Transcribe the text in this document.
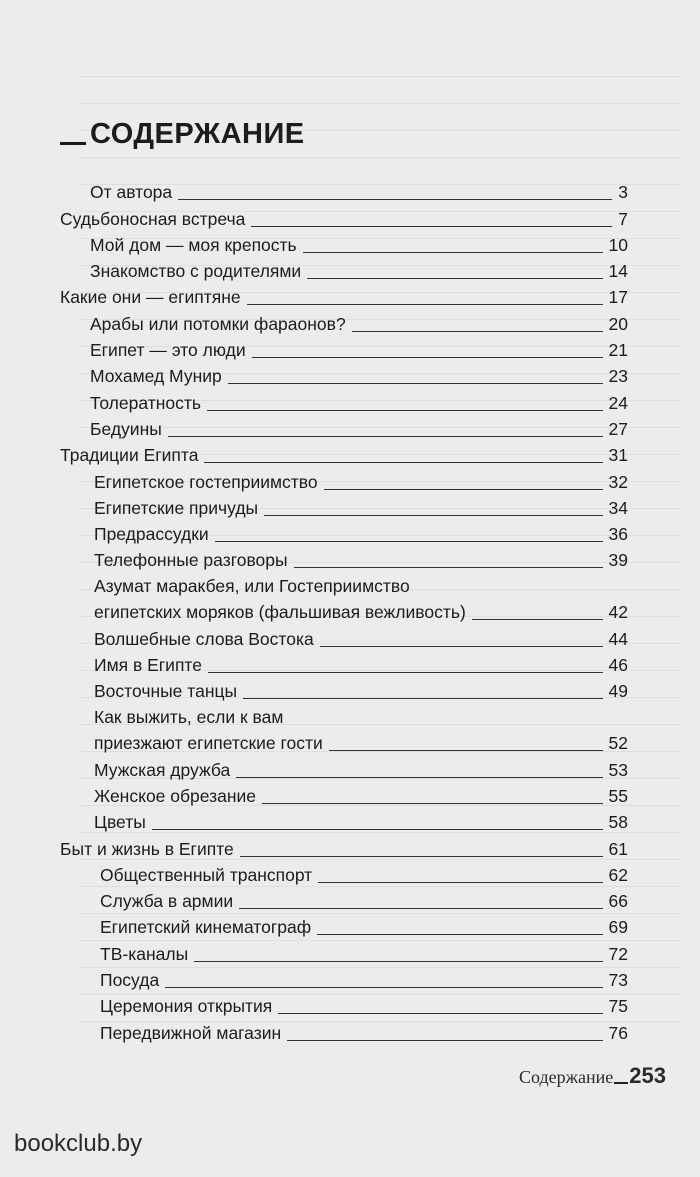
СОДЕРЖАНИЕ
От автора	3
Судьбоносная встреча	7
Мой дом — моя крепость	10
Знакомство с родителями	14
Какие они — египтяне	17
Арабы или потомки фараонов?	20
Египет — это люди	21
Мохамед Мунир	23
Толератность	24
Бедуины	27
Традиции Египта	31
Египетское гостеприимство	32
Египетские причуды	34
Предрассудки	36
Телефонные разговоры	39
Азумат маракбея, или Гостеприимство
египетских моряков (фальшивая вежливость)	42
Волшебные слова Востока	44
Имя в Египте	46
Восточные танцы	49
Как выжить, если к вам
приезжают египетские гости	52
Мужская дружба	53
Женское обрезание	55
Цветы	58
Быт и жизнь в Египте	61
Общественный транспорт	62
Служба в армии	66
Египетский кинематограф	69
ТВ-каналы	72
Посуда	73
Церемония открытия	75
Передвижной магазин	76
Содержание 253
bookclub.by
